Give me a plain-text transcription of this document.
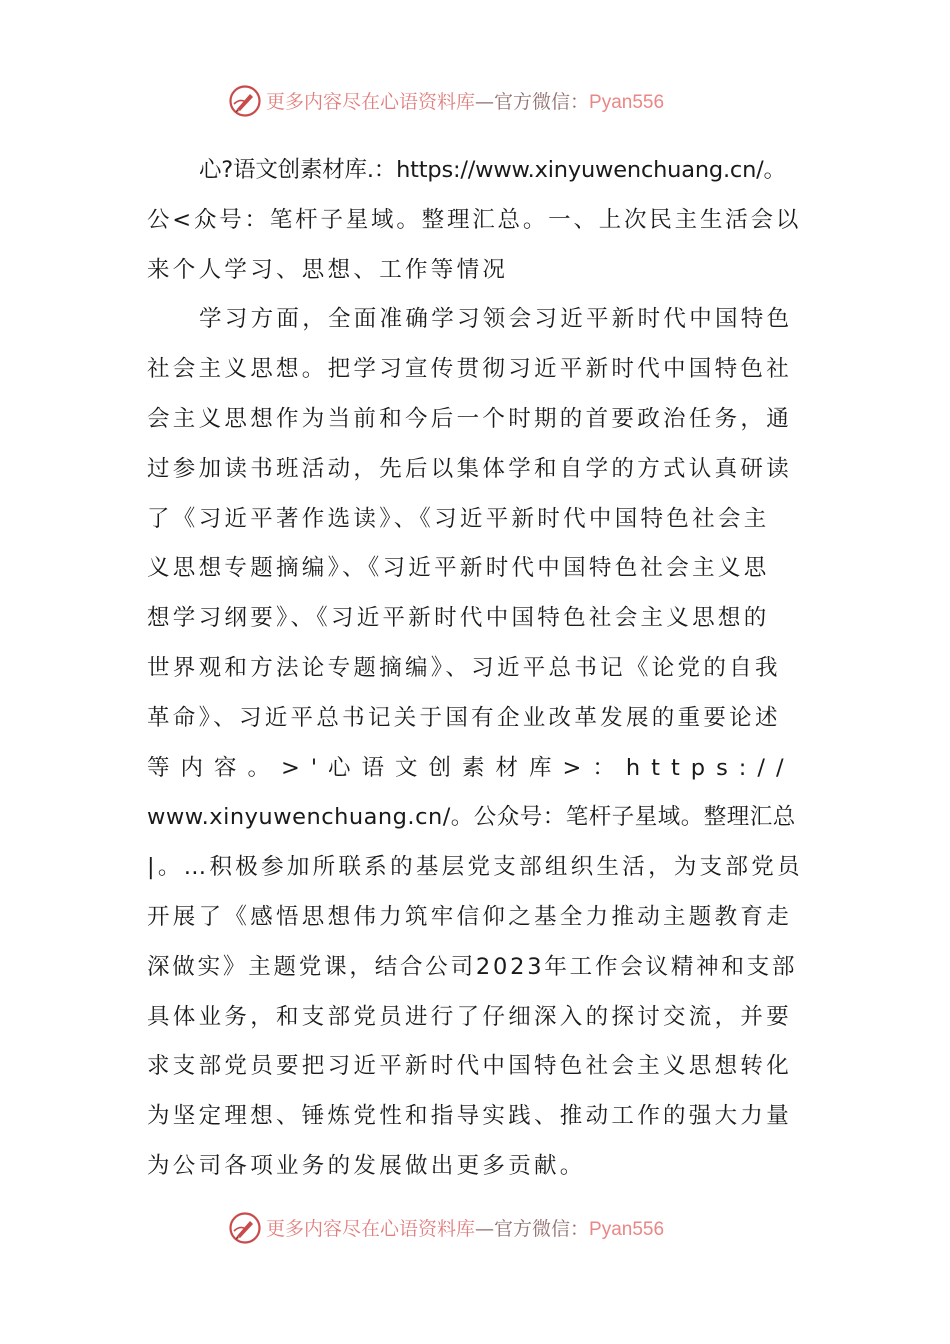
更多内容尽在心语资料库—官方微信：Pyan556
心?语文创素材库.：https://www.xinyuwenchuang.cn/。
公<众号：笔杆子星域。整理汇总。一、上次民主生活会以
来个人学习、思想、工作等情况
学习方面，全面准确学习领会习近平新时代中国特色
社会主义思想。把学习宣传贯彻习近平新时代中国特色社
会主义思想作为当前和今后一个时期的首要政治任务，通
过参加读书班活动，先后以集体学和自学的方式认真研读
了《习近平著作选读》、《习近平新时代中国特色社会主
义思想专题摘编》、《习近平新时代中国特色社会主义思
想学习纲要》、《习近平新时代中国特色社会主义思想的
世界观和方法论专题摘编》、习近平总书记《论党的自我
革命》、习近平总书记关于国有企业改革发展的重要论述
等内容。>'心语文创素材库>：https://
www.xinyuwenchuang.cn/。公众号：笔杆子星域。整理汇总
|。…积极参加所联系的基层党支部组织生活，为支部党员
开展了《感悟思想伟力筑牢信仰之基全力推动主题教育走
深做实》主题党课，结合公司2023年工作会议精神和支部
具体业务，和支部党员进行了仔细深入的探讨交流，并要
求支部党员要把习近平新时代中国特色社会主义思想转化
为坚定理想、锤炼党性和指导实践、推动工作的强大力量
为公司各项业务的发展做出更多贡献。
更多内容尽在心语资料库—官方微信：Pyan556
